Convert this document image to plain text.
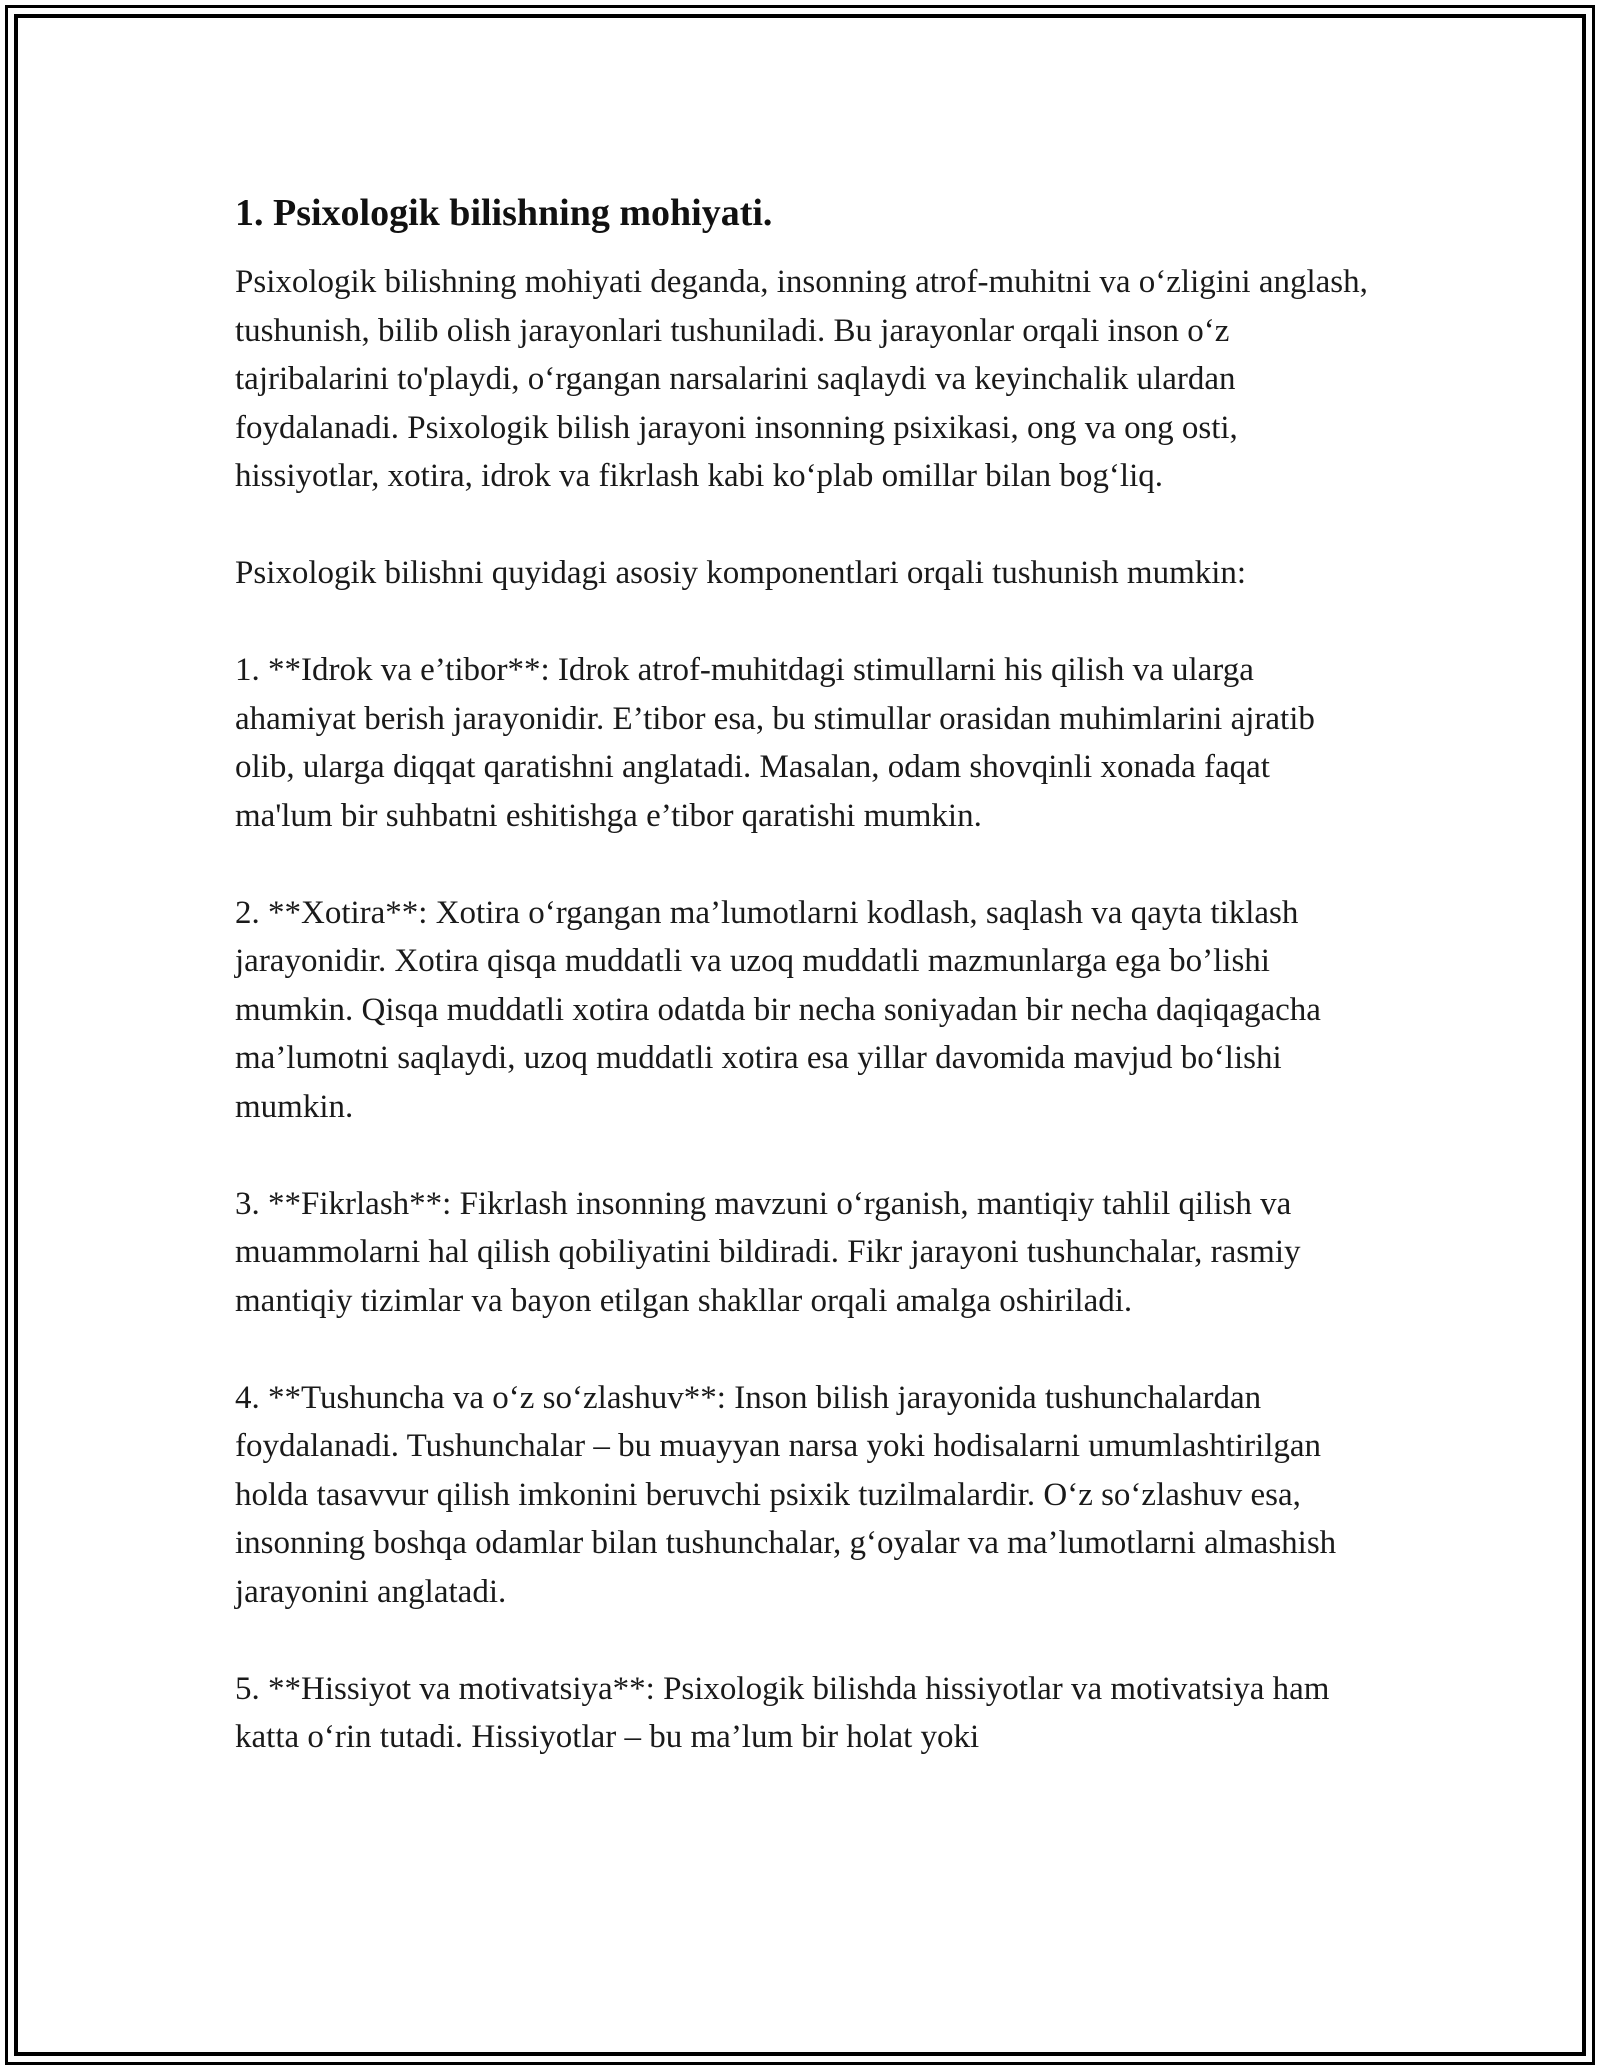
1. Psixologik bilishning mohiyati.

Psixologik bilishning mohiyati deganda, insonning atrof-muhitni va o‘zligini anglash, tushunish, bilib olish jarayonlari tushuniladi. Bu jarayonlar orqali inson o‘z tajribalarini to'playdi, o‘rgangan narsalarini saqlaydi va keyinchalik ulardan foydalanadi. Psixologik bilish jarayoni insonning psixikasi, ong va ong osti, hissiyotlar, xotira, idrok va fikrlash kabi ko‘plab omillar bilan bog‘liq.

Psixologik bilishni quyidagi asosiy komponentlari orqali tushunish mumkin:

1. **Idrok va e’tibor**: Idrok atrof-muhitdagi stimullarni his qilish va ularga ahamiyat berish jarayonidir. E’tibor esa, bu stimullar orasidan muhimlarini ajratib olib, ularga diqqat qaratishni anglatadi. Masalan, odam shovqinli xonada faqat ma'lum bir suhbatni eshitishga e’tibor qaratishi mumkin.

2. **Xotira**: Xotira o‘rgangan ma’lumotlarni kodlash, saqlash va qayta tiklash jarayonidir. Xotira qisqa muddatli va uzoq muddatli mazmunlarga ega bo’lishi mumkin. Qisqa muddatli xotira odatda bir necha soniyadan bir necha daqiqagacha ma’lumotni saqlaydi, uzoq muddatli xotira esa yillar davomida mavjud bo‘lishi mumkin.

3. **Fikrlash**: Fikrlash insonning mavzuni o‘rganish, mantiqiy tahlil qilish va muammolarni hal qilish qobiliyatini bildiradi. Fikr jarayoni tushunchalar, rasmiy mantiqiy tizimlar va bayon etilgan shakllar orqali amalga oshiriladi.

4. **Tushuncha va o‘z so‘zlashuv**: Inson bilish jarayonida tushunchalardan foydalanadi. Tushunchalar – bu muayyan narsa yoki hodisalarni umumlashtirilgan holda tasavvur qilish imkonini beruvchi psixik tuzilmalardir. O‘z so‘zlashuv esa, insonning boshqa odamlar bilan tushunchalar, g‘oyalar va ma’lumotlarni almashish jarayonini anglatadi.

5. **Hissiyot va motivatsiya**: Psixologik bilishda hissiyotlar va motivatsiya ham katta o‘rin tutadi. Hissiyotlar – bu ma’lum bir holat yoki
